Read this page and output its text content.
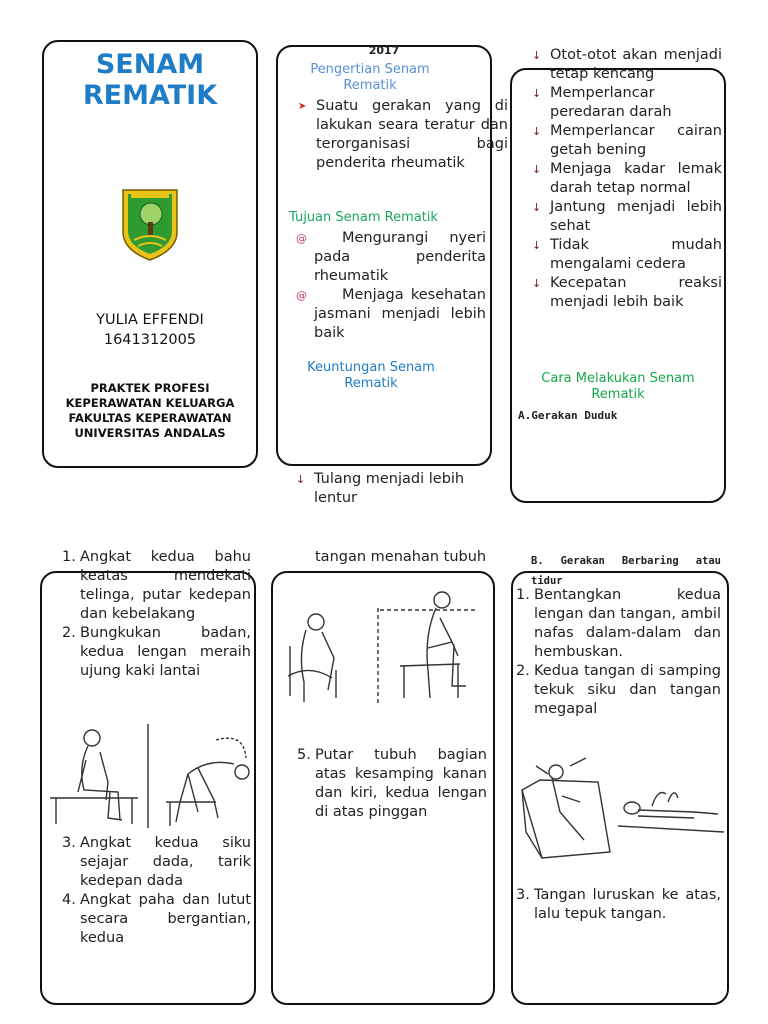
SENAM
REMATIK
YULIA EFFENDI
1641312005
PRAKTEK PROFESI
KEPERAWATAN KELUARGA
FAKULTAS KEPERAWATAN
UNIVERSITAS ANDALAS
2017
Pengertian Senam Rematik
➤ Suatu gerakan yang di lakukan seara teratur dan terorganisasi bagi penderita rheumatik
Tujuan Senam Rematik
@	Mengurangi nyeri pada penderita rheumatik
@	Menjaga kesehatan jasmani menjadi lebih baik
Keuntungan Senam Rematik
↓ Tulang menjadi lebih lentur
↓ Otot-otot akan menjadi tetap kencang
↓ Memperlancar peredaran darah
↓ Memperlancar cairan getah bening
↓ Menjaga kadar lemak darah tetap normal
↓ Jantung menjadi lebih sehat
↓ Tidak mudah mengalami cedera
↓ Kecepatan reaksi menjadi lebih baik
Cara Melakukan Senam Rematik
A.Gerakan Duduk
1. Angkat kedua bahu keatas mendekati telinga, putar kedepan dan kebelakang
2. Bungkukan badan, kedua lengan meraih ujung kaki lantai
3. Angkat kedua siku sejajar dada, tarik kedepan dada
4. Angkat paha dan lutut secara bergantian, kedua
tangan menahan tubuh
5. Putar tubuh bagian atas kesamping kanan dan kiri, kedua lengan di atas pinggan
B. Gerakan Berbaring atau tidur
1. Bentangkan kedua lengan dan tangan, ambil nafas dalam-dalam dan hembuskan.
2. Kedua tangan di samping tekuk siku dan tangan megapal
3. Tangan luruskan ke atas, lalu tepuk tangan.
